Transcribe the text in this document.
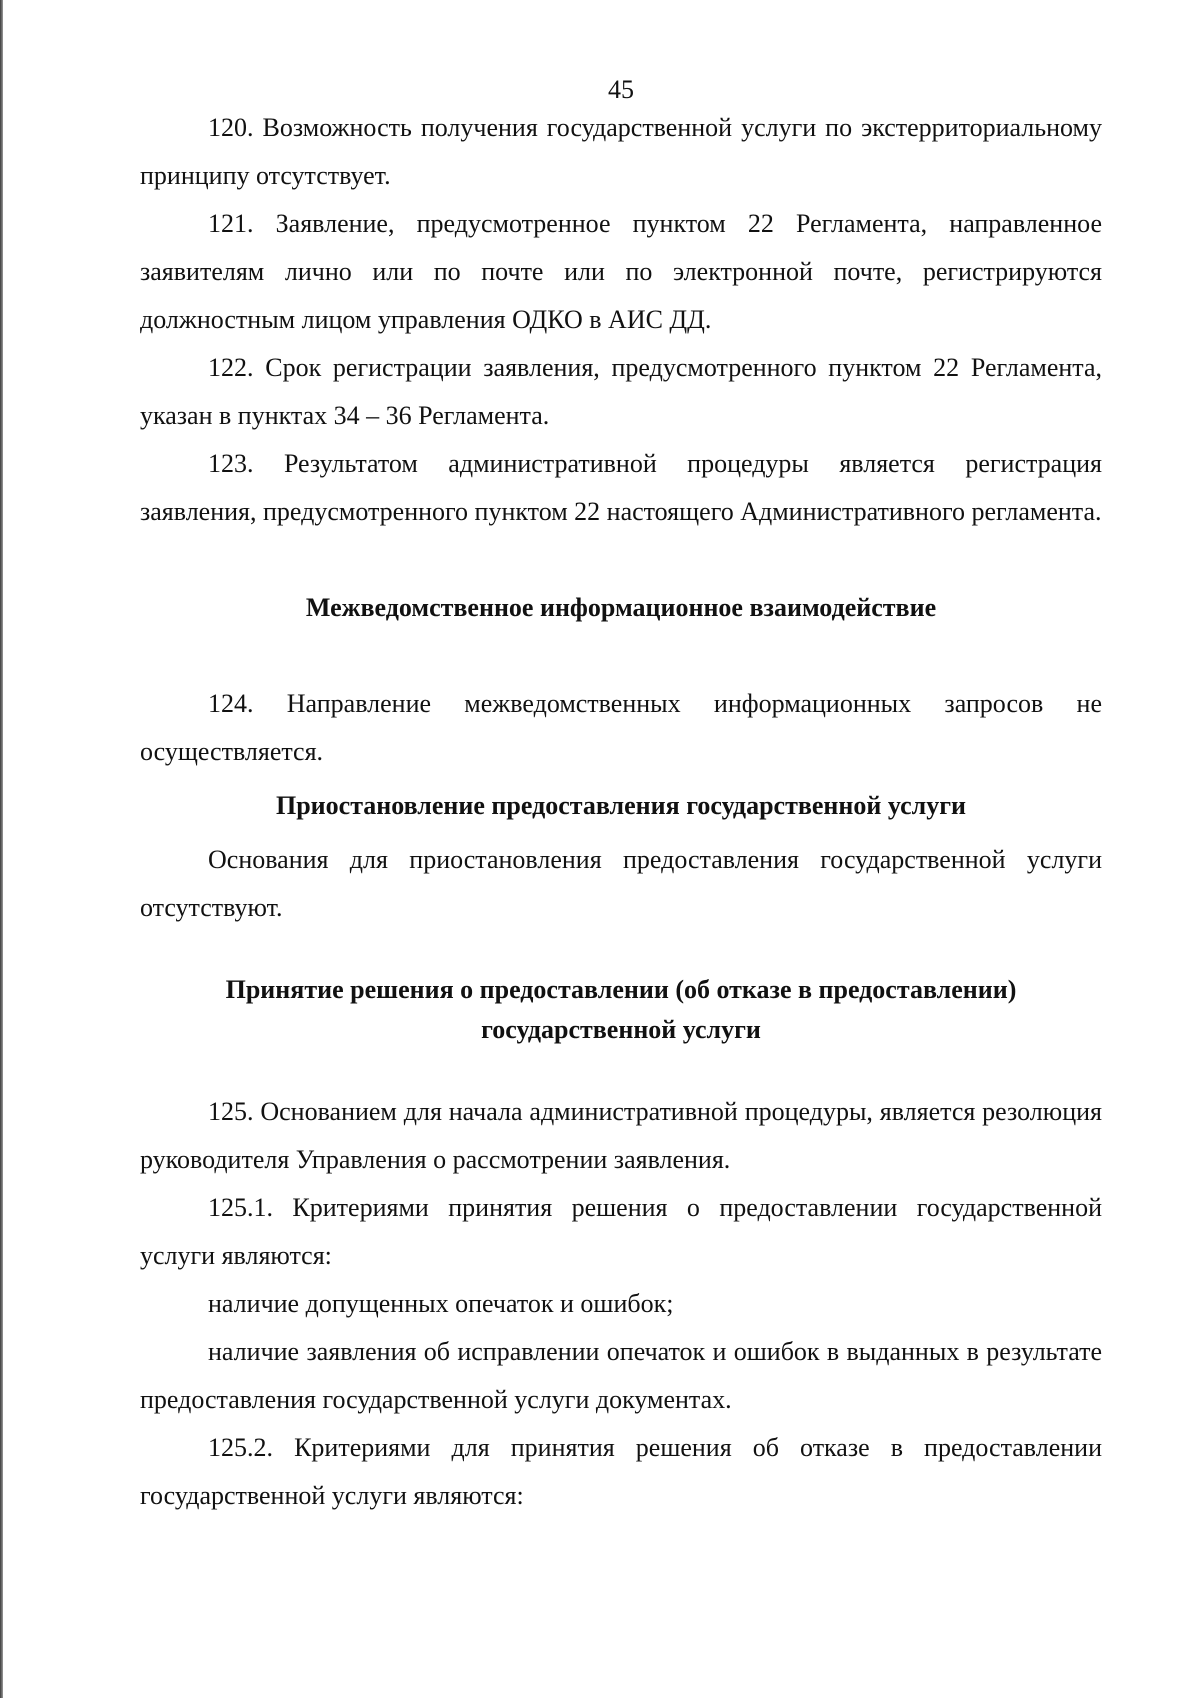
45

120. Возможность получения государственной услуги по экстерриториальному принципу отсутствует.

121. Заявление, предусмотренное пунктом 22 Регламента, направленное заявителям лично или по почте или по электронной почте, регистрируются должностным лицом управления ОДКО в АИС ДД.

122. Срок регистрации заявления, предусмотренного пунктом 22 Регламента, указан в пунктах 34 – 36 Регламента.

123. Результатом административной процедуры является регистрация заявления, предусмотренного пунктом 22 настоящего Административного регламента.

Межведомственное информационное взаимодействие

124. Направление межведомственных информационных запросов не осуществляется.

Приостановление предоставления государственной услуги

Основания для приостановления предоставления государственной услуги отсутствуют.

Принятие решения о предоставлении (об отказе в предоставлении)

государственной услуги

125. Основанием для начала административной процедуры, является резолюция руководителя Управления о рассмотрении заявления.

125.1. Критериями принятия решения о предоставлении государственной услуги являются:

наличие допущенных опечаток и ошибок;

наличие заявления об исправлении опечаток и ошибок в выданных в результате предоставления государственной услуги документах.

125.2. Критериями для принятия решения об отказе в предоставлении государственной услуги являются:
